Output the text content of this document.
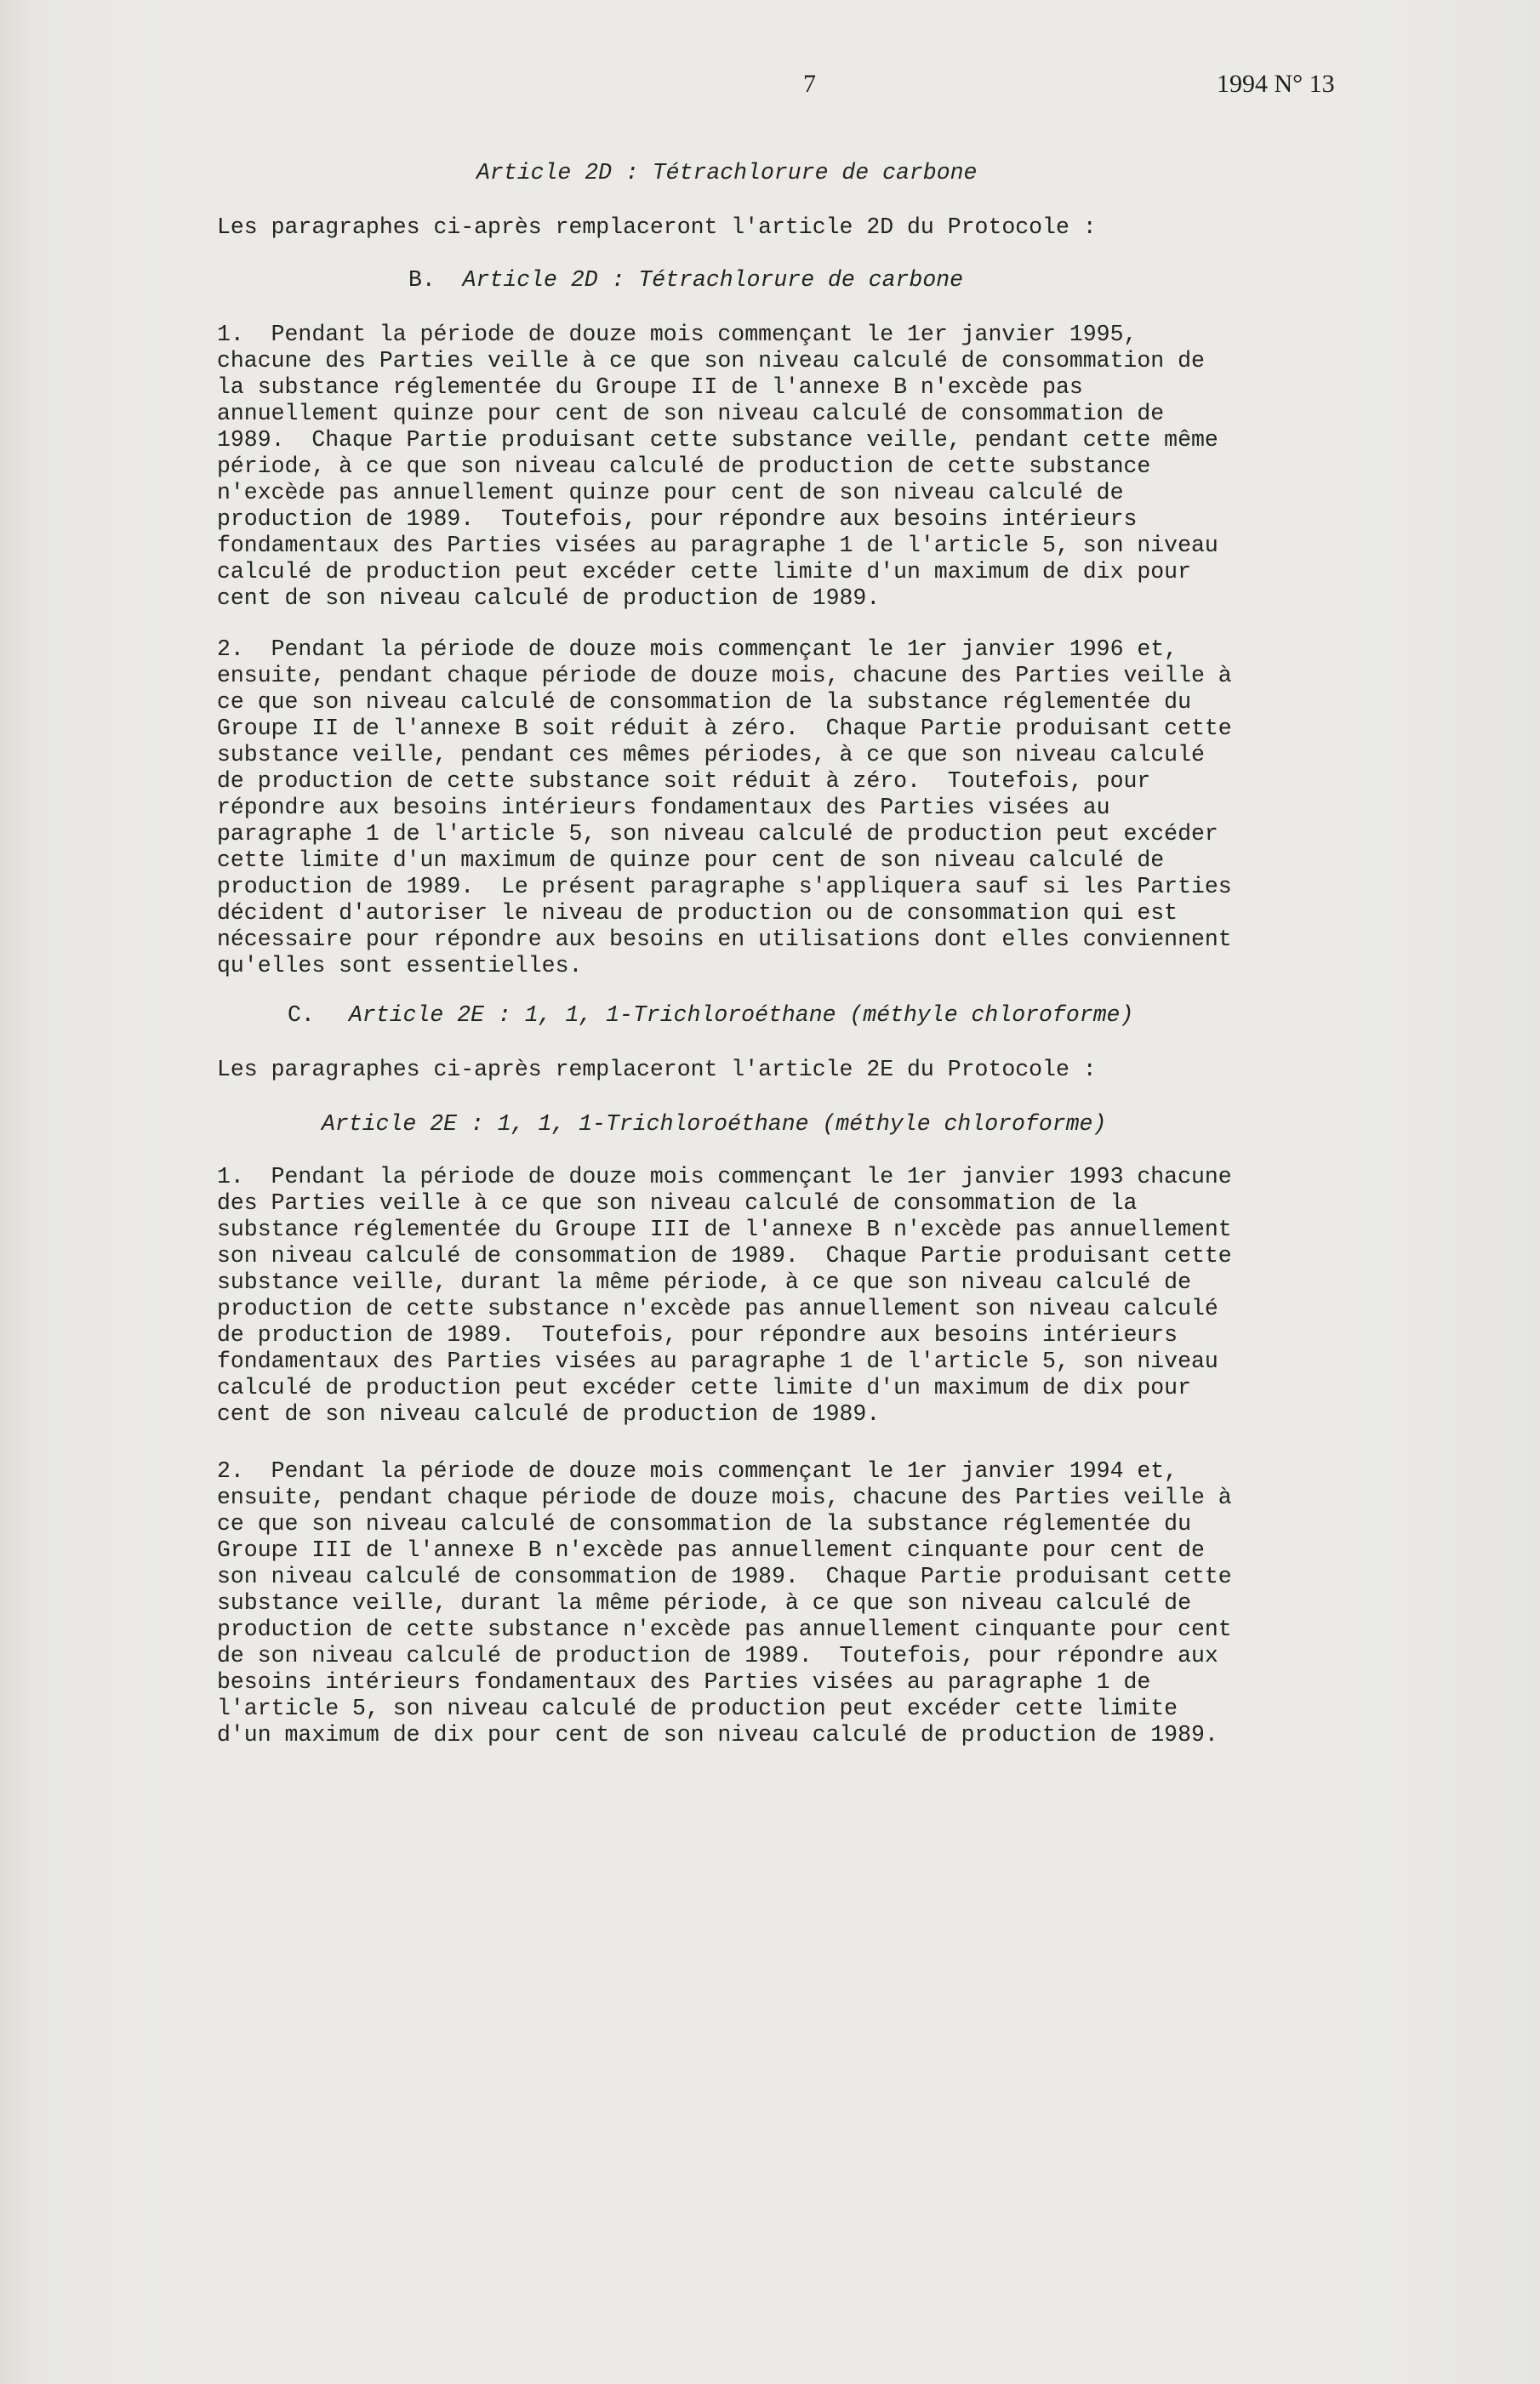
7	1994 N° 13
Article 2D : Tétrachlorure de carbone
Les paragraphes ci-après remplaceront l'article 2D du Protocole :
B.  Article 2D : Tétrachlorure de carbone
1.  Pendant la période de douze mois commençant le 1er janvier 1995,
chacune des Parties veille à ce que son niveau calculé de consommation de
la substance réglementée du Groupe II de l'annexe B n'excède pas
annuellement quinze pour cent de son niveau calculé de consommation de
1989.  Chaque Partie produisant cette substance veille, pendant cette même
période, à ce que son niveau calculé de production de cette substance
n'excède pas annuellement quinze pour cent de son niveau calculé de
production de 1989.  Toutefois, pour répondre aux besoins intérieurs
fondamentaux des Parties visées au paragraphe 1 de l'article 5, son niveau
calculé de production peut excéder cette limite d'un maximum de dix pour
cent de son niveau calculé de production de 1989.
2.  Pendant la période de douze mois commençant le 1er janvier 1996 et,
ensuite, pendant chaque période de douze mois, chacune des Parties veille à
ce que son niveau calculé de consommation de la substance réglementée du
Groupe II de l'annexe B soit réduit à zéro.  Chaque Partie produisant cette
substance veille, pendant ces mêmes périodes, à ce que son niveau calculé
de production de cette substance soit réduit à zéro.  Toutefois, pour
répondre aux besoins intérieurs fondamentaux des Parties visées au
paragraphe 1 de l'article 5, son niveau calculé de production peut excéder
cette limite d'un maximum de quinze pour cent de son niveau calculé de
production de 1989.  Le présent paragraphe s'appliquera sauf si les Parties
décident d'autoriser le niveau de production ou de consommation qui est
nécessaire pour répondre aux besoins en utilisations dont elles conviennent
qu'elles sont essentielles.
C. Article 2E : 1, 1, 1-Trichloroéthane (méthyle chloroforme)
Les paragraphes ci-après remplaceront l'article 2E du Protocole :
Article 2E : 1, 1, 1-Trichloroéthane (méthyle chloroforme)
1.  Pendant la période de douze mois commençant le 1er janvier 1993 chacune
des Parties veille à ce que son niveau calculé de consommation de la
substance réglementée du Groupe III de l'annexe B n'excède pas annuellement
son niveau calculé de consommation de 1989.  Chaque Partie produisant cette
substance veille, durant la même période, à ce que son niveau calculé de
production de cette substance n'excède pas annuellement son niveau calculé
de production de 1989.  Toutefois, pour répondre aux besoins intérieurs
fondamentaux des Parties visées au paragraphe 1 de l'article 5, son niveau
calculé de production peut excéder cette limite d'un maximum de dix pour
cent de son niveau calculé de production de 1989.
2.  Pendant la période de douze mois commençant le 1er janvier 1994 et,
ensuite, pendant chaque période de douze mois, chacune des Parties veille à
ce que son niveau calculé de consommation de la substance réglementée du
Groupe III de l'annexe B n'excède pas annuellement cinquante pour cent de
son niveau calculé de consommation de 1989.  Chaque Partie produisant cette
substance veille, durant la même période, à ce que son niveau calculé de
production de cette substance n'excède pas annuellement cinquante pour cent
de son niveau calculé de production de 1989.  Toutefois, pour répondre aux
besoins intérieurs fondamentaux des Parties visées au paragraphe 1 de
l'article 5, son niveau calculé de production peut excéder cette limite
d'un maximum de dix pour cent de son niveau calculé de production de 1989.
